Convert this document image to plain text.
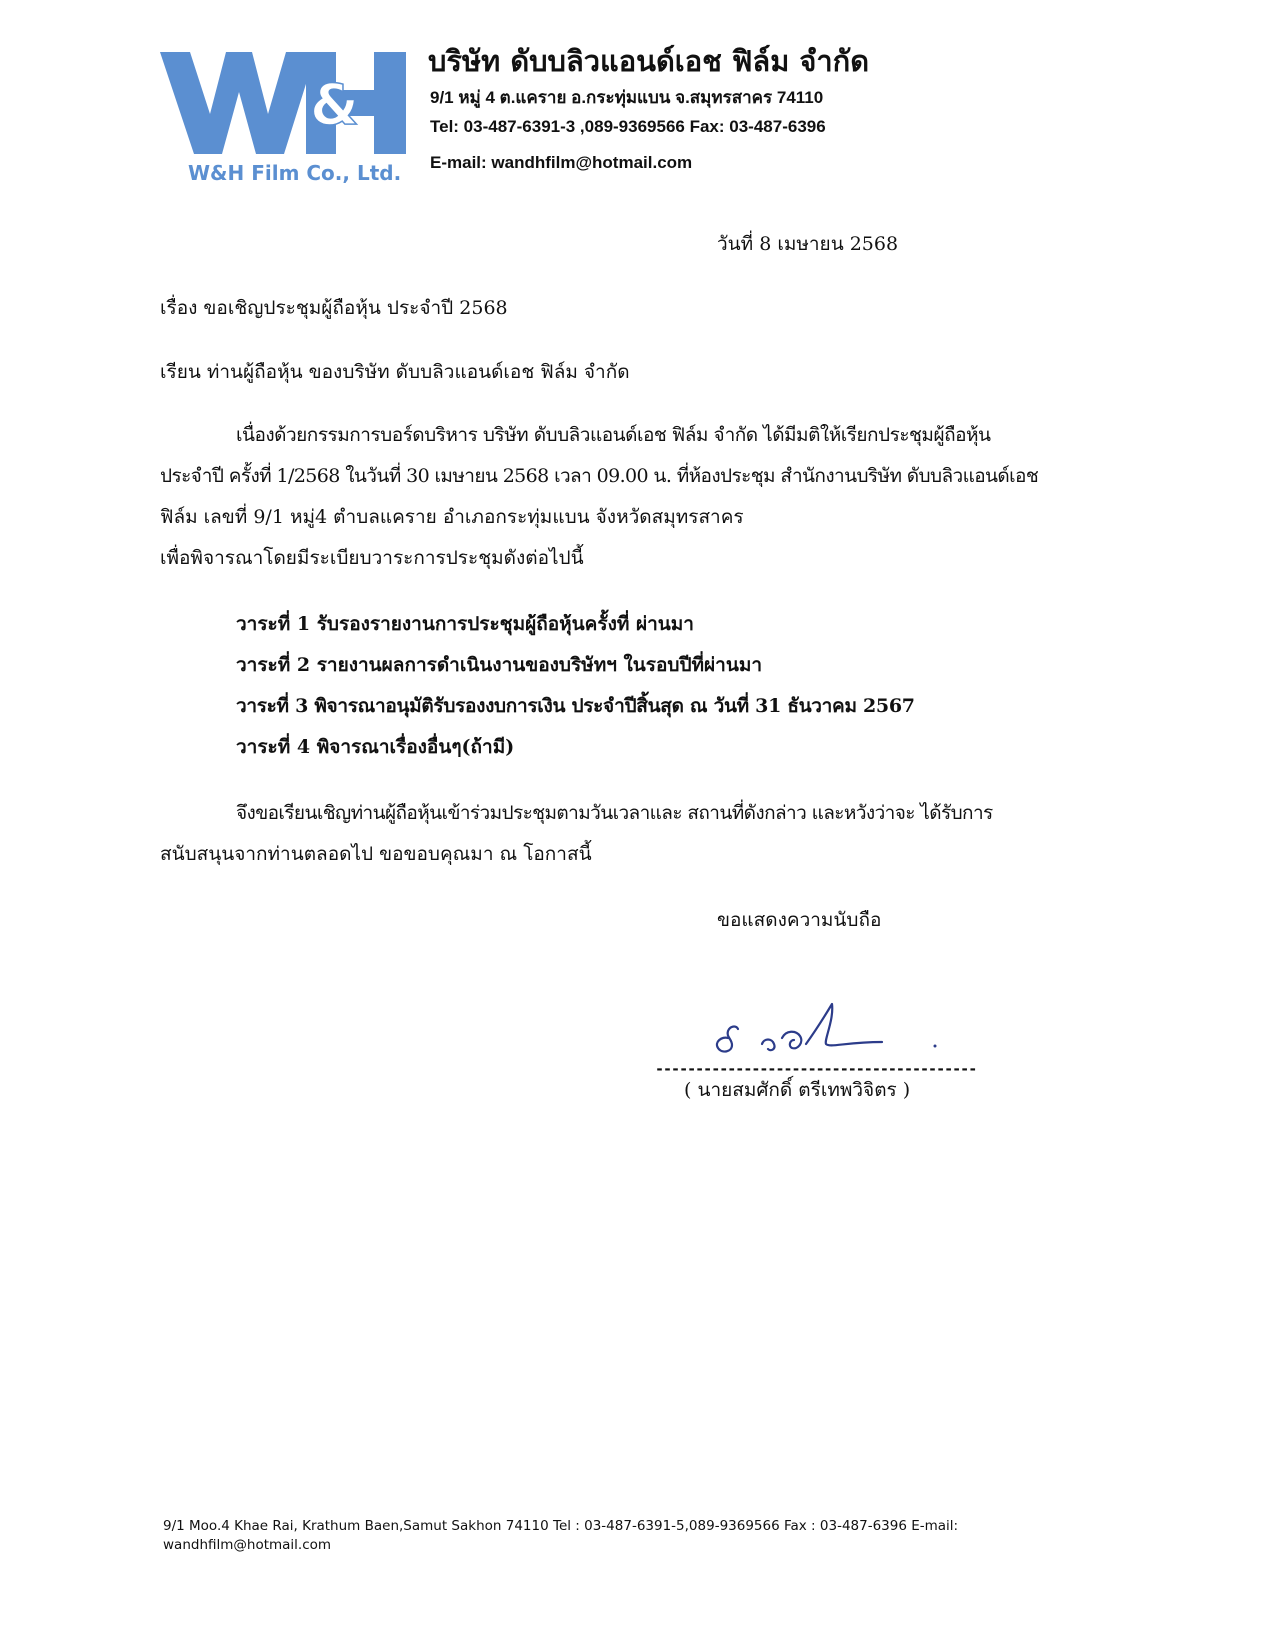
&
W&H Film Co., Ltd.
บริษัท ดับบลิวแอนด์เอช ฟิล์ม จำกัด
9/1 หมู่ 4 ต.แคราย อ.กระทุ่มแบน จ.สมุทรสาคร 74110
Tel: 03-487-6391-3 ,089-9369566 Fax: 03-487-6396
E-mail: wandhfilm@hotmail.com
วันที่ 8 เมษายน 2568
เรื่อง ขอเชิญประชุมผู้ถือหุ้น ประจำปี 2568
เรียน ท่านผู้ถือหุ้น ของบริษัท ดับบลิวแอนด์เอช ฟิล์ม จำกัด
เนื่องด้วยกรรมการบอร์ดบริหาร บริษัท ดับบลิวแอนด์เอช ฟิล์ม จำกัด ได้มีมติให้เรียกประชุมผู้ถือหุ้น
ประจำปี ครั้งที่ 1/2568 ในวันที่ 30 เมษายน 2568 เวลา 09.00 น. ที่ห้องประชุม สำนักงานบริษัท ดับบลิวแอนด์เอช
ฟิล์ม เลขที่ 9/1 หมู่4 ตำบลแคราย อำเภอกระทุ่มแบน จังหวัดสมุทรสาคร
เพื่อพิจารณาโดยมีระเบียบวาระการประชุมดังต่อไปนี้
วาระที่ 1 รับรองรายงานการประชุมผู้ถือหุ้นครั้งที่ ผ่านมา
วาระที่ 2 รายงานผลการดำเนินงานของบริษัทฯ ในรอบปีที่ผ่านมา
วาระที่ 3 พิจารณาอนุมัติรับรองงบการเงิน ประจำปีสิ้นสุด ณ วันที่ 31 ธันวาคม 2567
วาระที่ 4 พิจารณาเรื่องอื่นๆ(ถ้ามี)
จึงขอเรียนเชิญท่านผู้ถือหุ้นเข้าร่วมประชุมตามวันเวลาและ สถานที่ดังกล่าว และหวังว่าจะ ได้รับการ
สนับสนุนจากท่านตลอดไป ขอขอบคุณมา ณ โอกาสนี้
ขอแสดงความนับถือ
----------------------------------------
( นายสมศักดิ์ ตรีเทพวิจิตร )
9/1 Moo.4 Khae Rai, Krathum Baen,Samut Sakhon 74110 Tel : 03-487-6391-5,089-9369566 Fax : 03-487-6396 E-mail: wandhfilm@hotmail.com
